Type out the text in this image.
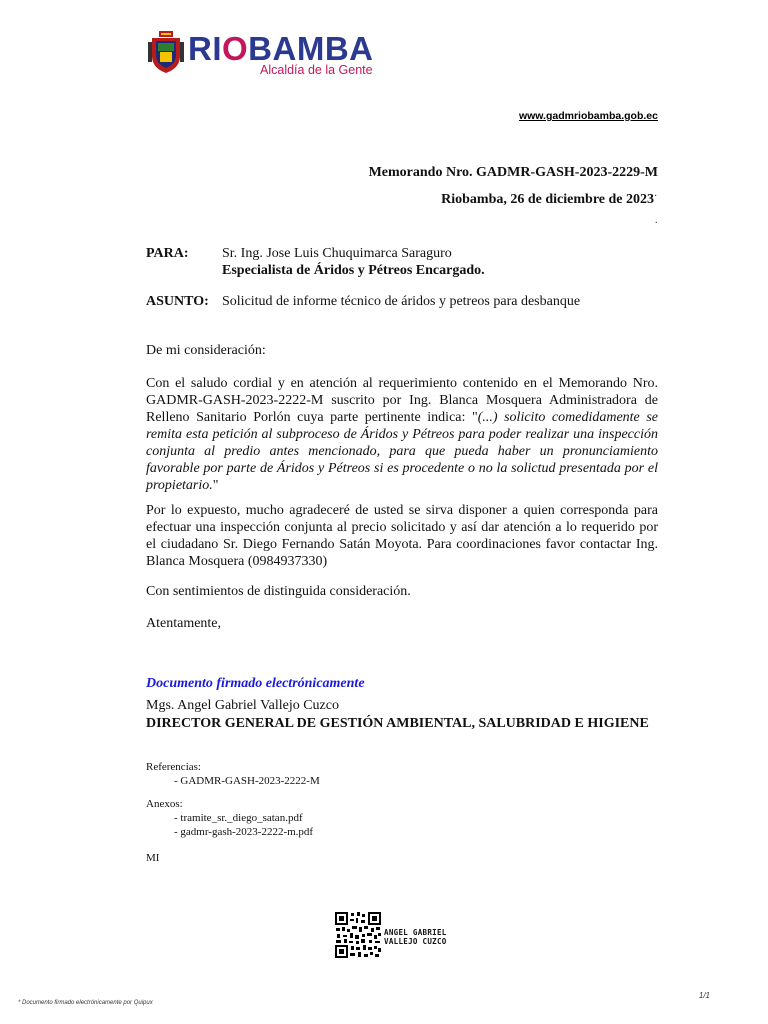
RIOBAMBA
Alcaldía de la Gente
www.gadmriobamba.gob.ec
Memorando Nro. GADMR-GASH-2023-2229-M
Riobamba, 26 de diciembre de 2023 ·
.
PARA: Sr. Ing. Jose Luis Chuquimarca Saraguro
Especialista de Áridos y Pétreos Encargado.
ASUNTO: Solicitud de informe técnico de áridos y petreos para desbanque

De mi consideración:

Con el saludo cordial y en atención al requerimiento contenido en el Memorando Nro. GADMR-GASH-2023-2222-M suscrito por Ing. Blanca Mosquera Administradora de Relleno Sanitario Porlón cuya parte pertinente indica: "(...) solicito comedidamente se remita esta petición al subproceso de Áridos y Pétreos para poder realizar una inspección conjunta al predio antes mencionado, para que pueda haber un pronunciamiento favorable por parte de Áridos y Pétreos si es procedente o no la solictud presentada por el propietario."

Por lo expuesto, mucho agradeceré de usted se sirva disponer a quien corresponda para efectuar una inspección conjunta al precio solicitado y así dar atención a lo requerido por el ciudadano Sr. Diego Fernando Satán Moyota. Para coordinaciones favor contactar Ing. Blanca Mosquera (0984937330)

Con sentimientos de distinguida consideración.

Atentamente,

Documento firmado electrónicamente
Mgs. Angel Gabriel Vallejo Cuzco

DIRECTOR GENERAL DE GESTIÓN AMBIENTAL, SALUBRIDAD E HIGIENE

Referencias:
- GADMR-GASH-2023-2222-M
Anexos:
- tramite_sr._diego_satan.pdf
- gadmr-gash-2023-2222-m.pdf
MI
ANGEL GABRIEL
VALLEJO CUZCO
* Documento firmado electrónicamente por Quipux
1/1
